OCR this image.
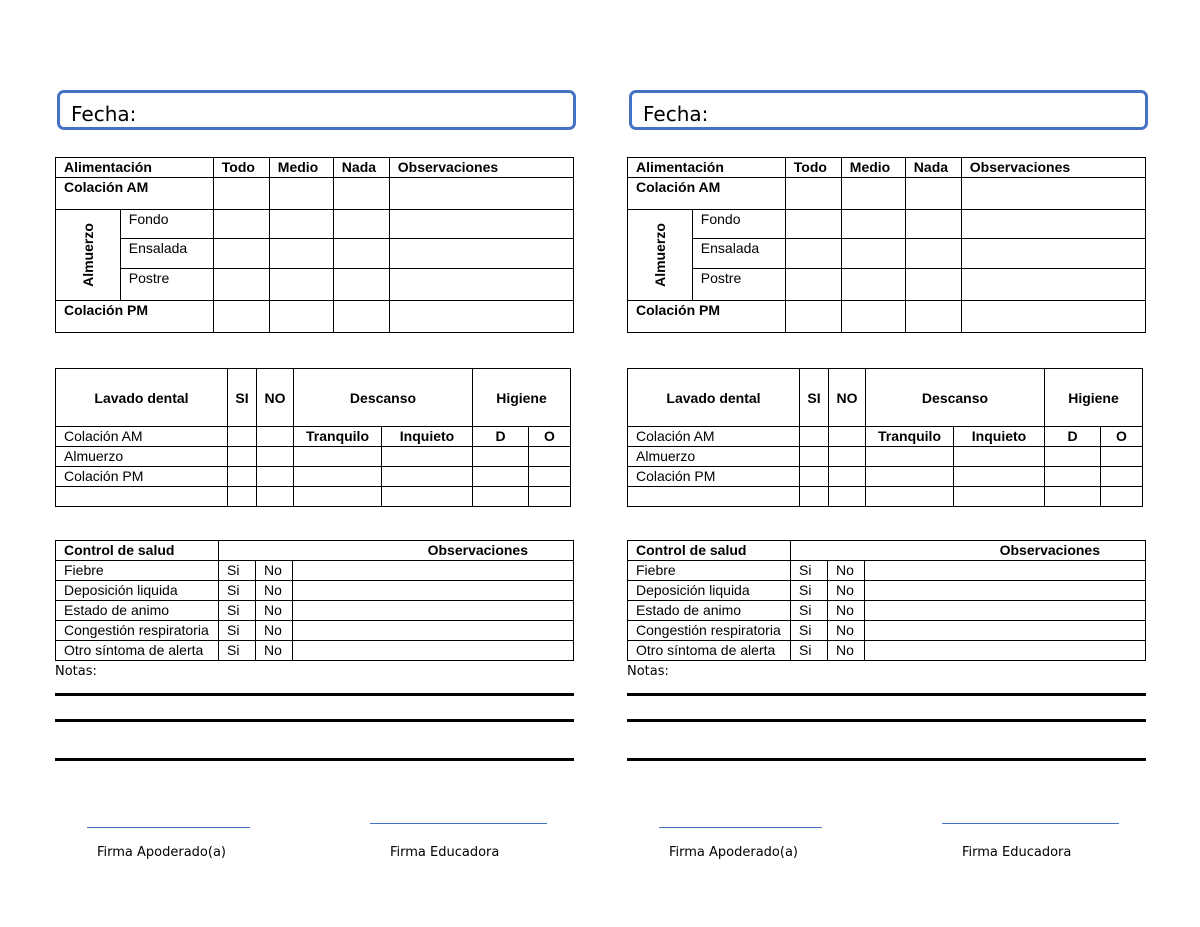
Fecha:
Alimentación		Todo	Medio	Nada	Observaciones
Colación AM					
Almuerzo	Fondo				
	Ensalada				
	Postre				
Colación PM					
Lavado dental	SI	NO	Descanso		Higiene	
Colación AM			Tranquilo	Inquieto	D	O
Almuerzo						
Colación PM						

Control de salud	Observaciones		
Fiebre	Si	No	
Deposición liquida	Si	No	
Estado de animo	Si	No	
Congestión respiratoria	Si	No	
Otro síntoma de alerta	Si	No	
Notas:
Firma Apoderado(a)	Firma Educadora
Fecha:
Alimentación		Todo	Medio	Nada	Observaciones
Colación AM					
Almuerzo	Fondo				
	Ensalada				
	Postre				
Colación PM					
Lavado dental	SI	NO	Descanso		Higiene	
Colación AM			Tranquilo	Inquieto	D	O
Almuerzo						
Colación PM						

Control de salud	Observaciones		
Fiebre	Si	No	
Deposición liquida	Si	No	
Estado de animo	Si	No	
Congestión respiratoria	Si	No	
Otro síntoma de alerta	Si	No	
Notas:
Firma Apoderado(a)	Firma Educadora
